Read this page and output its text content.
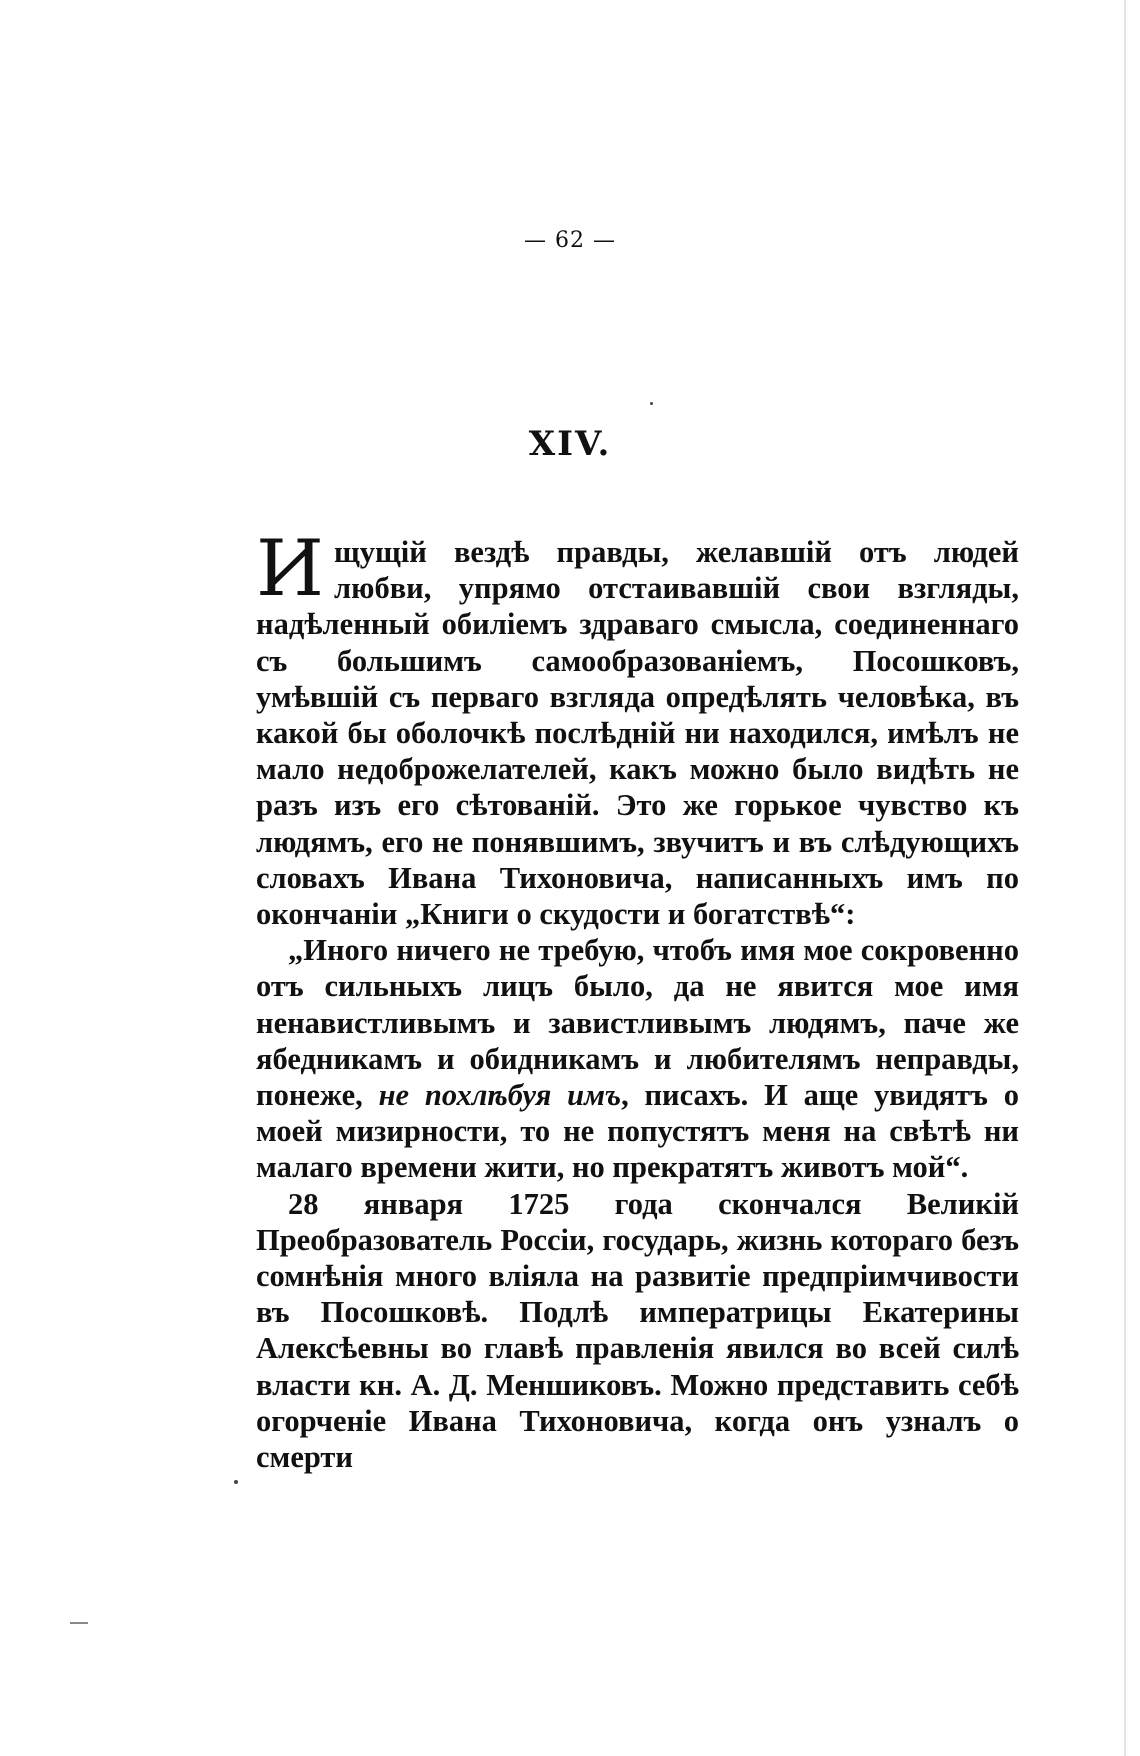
— 62 —
XIV.

Ищущій вездѣ правды, желавшій отъ людей любви, упрямо отстаивавшій свои взгляды, надѣленный обиліемъ здраваго смысла, соединеннаго съ большимъ самообразованіемъ, Посошковъ, умѣвшій съ перваго взгляда опредѣлять человѣка, въ какой бы оболочкѣ послѣдній ни находился, имѣлъ не мало недоброжелателей, какъ можно было видѣть не разъ изъ его сѣтованій. Это же горькое чувство къ людямъ, его не понявшимъ, звучитъ и въ слѣдующихъ словахъ Ивана Тихоновича, написанныхъ имъ по окончаніи „Книги о скудости и богатствѣ“:

„Иного ничего не требую, чтобъ имя мое сокровенно отъ сильныхъ лицъ было, да не явится мое имя ненавистливымъ и завистливымъ людямъ, паче же ябедникамъ и обидникамъ и любителямъ неправды, понеже, не похлѣбуя имъ, писахъ. И аще увидятъ о моей мизирности, то не попустятъ меня на свѣтѣ ни малаго времени жити, но прекратятъ животъ мой“.

28 января 1725 года скончался Великій Преобразователь Россіи, государь, жизнь котораго безъ сомнѣнія много вліяла на развитіе предпріимчивости въ Посошковѣ. Подлѣ императрицы Екатерины Алексѣевны во главѣ правленія явился во всей силѣ власти кн. А. Д. Меншиковъ. Можно представить себѣ огорченіе Ивана Тихоновича, когда онъ узналъ о смерти
